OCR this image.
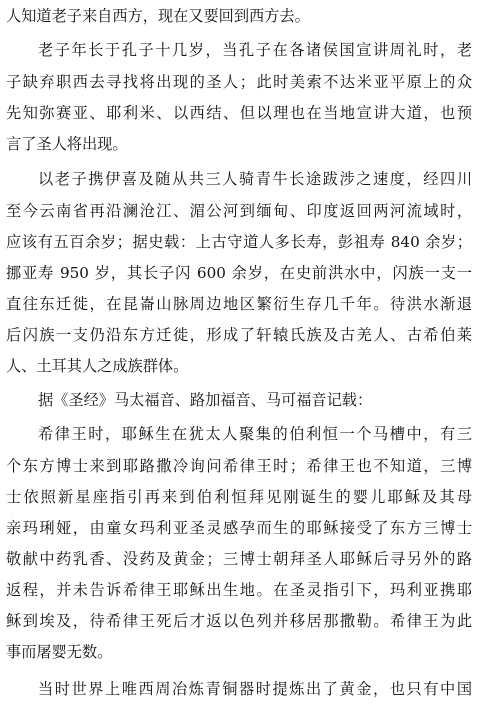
人知道老子来自西方，现在又要回到西方去。
老子年长于孔子十几岁，当孔子在各诸侯国宣讲周礼时，老
子缺弃职西去寻找将出现的圣人；此时美索不达米亚平原上的众
先知弥赛亚、耶利米、以西结、但以理也在当地宣讲大道，也预
言了圣人将出现。
以老子携伊喜及随从共三人骑青牛长途跋涉之速度，经四川
至今云南省再沿澜沧江、湄公河到缅甸、印度返回两河流域时，
应该有五百余岁；据史载：上古守道人多长寿，彭祖寿 840 余岁；
挪亚寿 950 岁，其长子闪 600 余岁，在史前洪水中，闪族一支一
直往东迁徙，在昆崙山脉周边地区繁衍生存几千年。待洪水渐退
后闪族一支仍沿东方迁徙，形成了轩辕氏族及古羌人、古希伯莱
人、土耳其人之成族群体。
据《圣经》马太福音、路加福音、马可福音记载：
希律王时，耶稣生在犹太人聚集的伯利恒一个马槽中，有三
个东方博士来到耶路撒冷询问希律王时；希律王也不知道，三博
士依照新星座指引再来到伯利恒拜见刚诞生的婴儿耶稣及其母
亲玛琍娅，由童女玛利亚圣灵感孕而生的耶稣接受了东方三博士
敬献中药乳香、没药及黄金；三博士朝拜圣人耶稣后寻另外的路
返程，并未告诉希律王耶稣出生地。在圣灵指引下，玛利亚携耶
稣到埃及，待希律王死后才返以色列并移居那撒勒。希律王为此
事而屠婴无数。
当时世界上唯西周冶炼青铜器时提炼出了黄金，也只有中国
